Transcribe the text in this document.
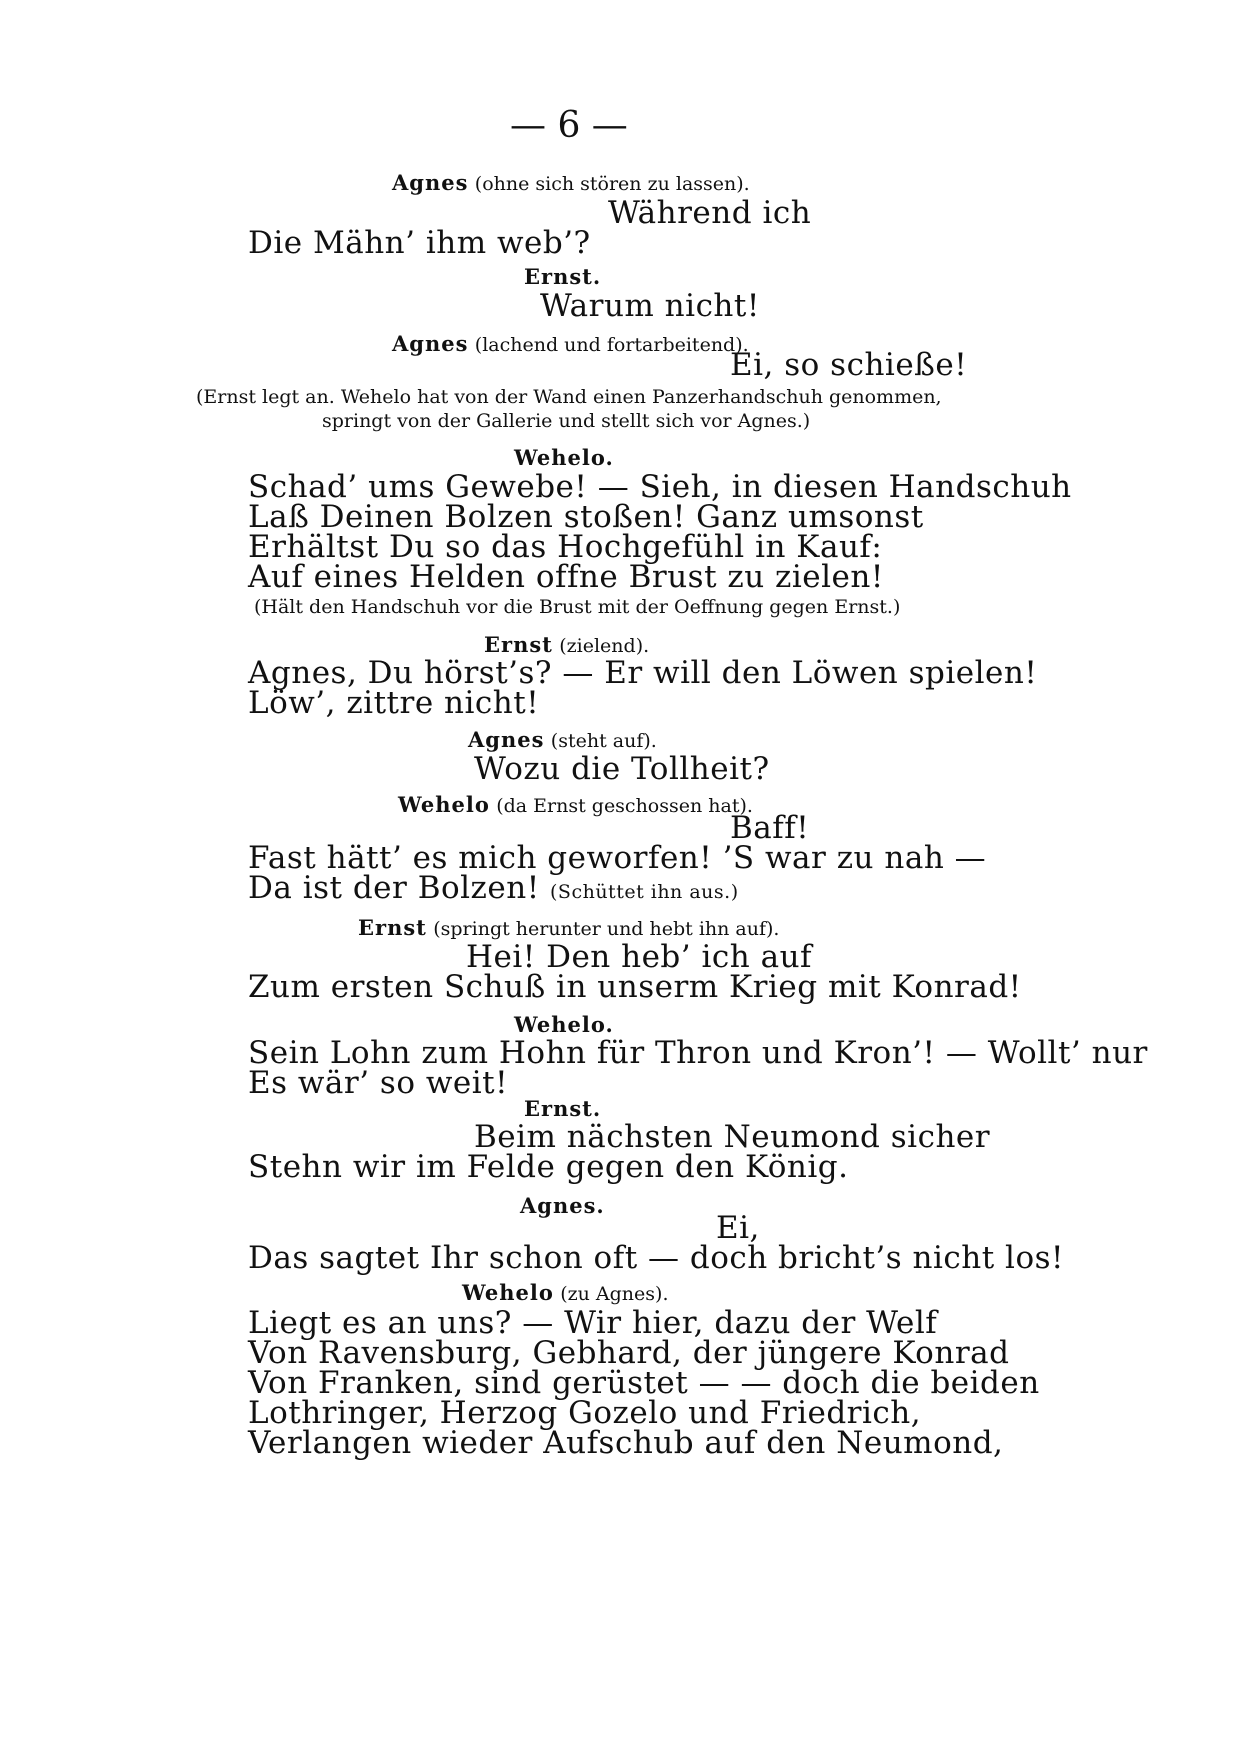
— 6 —
Agnes (ohne sich stören zu lassen).
Während ich
Die Mähn’ ihm web’?
Ernst.
Warum nicht!
Agnes (lachend und fortarbeitend).
Ei, so schieße!
(Ernst legt an. Wehelo hat von der Wand einen Panzerhandschuh genommen,
springt von der Gallerie und stellt sich vor Agnes.)
Wehelo.
Schad’ ums Gewebe! — Sieh, in diesen Handschuh
Laß Deinen Bolzen stoßen! Ganz umsonst
Erhältst Du so das Hochgefühl in Kauf:
Auf eines Helden offne Brust zu zielen!
(Hält den Handschuh vor die Brust mit der Oeffnung gegen Ernst.)
Ernst (zielend).
Agnes, Du hörst’s? — Er will den Löwen spielen!
Löw’, zittre nicht!
Agnes (steht auf).
Wozu die Tollheit?
Wehelo (da Ernst geschossen hat).
Baff!
Fast hätt’ es mich geworfen! ’S war zu nah —
Da ist der Bolzen! (Schüttet ihn aus.)
Ernst (springt herunter und hebt ihn auf).
Hei! Den heb’ ich auf
Zum ersten Schuß in unserm Krieg mit Konrad!
Wehelo.
Sein Lohn zum Hohn für Thron und Kron’! — Wollt’ nur
Es wär’ so weit!
Ernst.
Beim nächsten Neumond sicher
Stehn wir im Felde gegen den König.
Agnes.
Ei,
Das sagtet Ihr schon oft — doch bricht’s nicht los!
Wehelo (zu Agnes).
Liegt es an uns? — Wir hier, dazu der Welf
Von Ravensburg, Gebhard, der jüngere Konrad
Von Franken, sind gerüstet — — doch die beiden
Lothringer, Herzog Gozelo und Friedrich,
Verlangen wieder Aufschub auf den Neumond,
